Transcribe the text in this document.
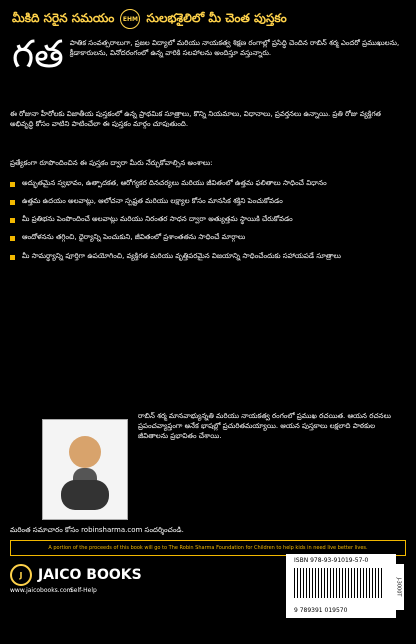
మీకిది సరైన సమయం	EHM సులభశైలిలో మీ చెంత పుస్తకం
గత పాతిక సంవత్సరాలుగా, ప్రజల విద్యాలో మరియు నాయకత్వ శిక్షణ రంగాల్లో ప్రసిద్ధి చెందిన రాబిన్ శర్మ ఎందరో ప్రముఖులను, క్రీడాకారులను, వినోదరంగంలో ఉన్న వారికి సలహాలను అందిస్తూ వస్తున్నారు.
ఈ రోజునా హీరోలకు విజాతీయ పుస్తకంలో ఉన్న ప్రాథమిక సూత్రాలు, కొన్ని నియమాలు, విధానాలు, ప్రవర్తనలు ఉన్నాయి. ప్రతి రోజు వ్యక్తిగత అభివృద్ధి కోసం వాటిని పాటించేలా ఈ పుస్తకం మార్గం చూపుతుంది.
ప్రత్యేకంగా రూపొందించిన ఈ పుస్తకం ద్వారా మీరు నేర్చుకోవాల్సిన అంశాలు:
అద్భుతమైన స్వభావం, ఉత్పాదకత, ఆరోగ్యకర దినచర్యలు మరియు జీవితంలో ఉత్తమ ఫలితాలు సాధించే విధానం
ఉత్తమ ఉదయం అలవాట్లు, ఆలోచనా స్పష్టత మరియు లక్ష్యాల కోసం మానసిక శక్తిని పెంచుకోవడం
మీ ప్రతిభను పెంపొందించే అలవాట్లు మరియు నిరంతర సాధన ద్వారా అత్యుత్తమ స్థాయికి చేరుకోవడం
ఆందోళనను తగ్గించి, ధైర్యాన్ని పెంచుకుని, జీవితంలో ప్రశాంతతను సాధించే మార్గాలు
మీ సామర్థ్యాన్ని పూర్తిగా ఉపయోగించి, వ్యక్తిగత మరియు వృత్తిపరమైన విజయాన్ని సాధించేందుకు సహాయపడే సూత్రాలు
రాబిన్ శర్మ మానవాభ్యున్నతి మరియు నాయకత్వ రంగంలో ప్రముఖ రచయిత. ఆయన రచనలు ప్రపంచవ్యాప్తంగా అనేక భాషల్లో ప్రచురితమయ్యాయి. ఆయన పుస్తకాలు లక్షలాది పాఠకుల జీవితాలను ప్రభావితం చేశాయి.
మరింత సమాచారం కోసం robinsharma.com సందర్శించండి.
A portion of the proceeds of this book will go to The Robin Sharma Foundation for Children to help kids in need live better lives.
J	JAICO BOOKS
www.jaicobooks.com
Self-Help
ISBN 978-93-91019-57-0
9 789391 019570
J-3000T
